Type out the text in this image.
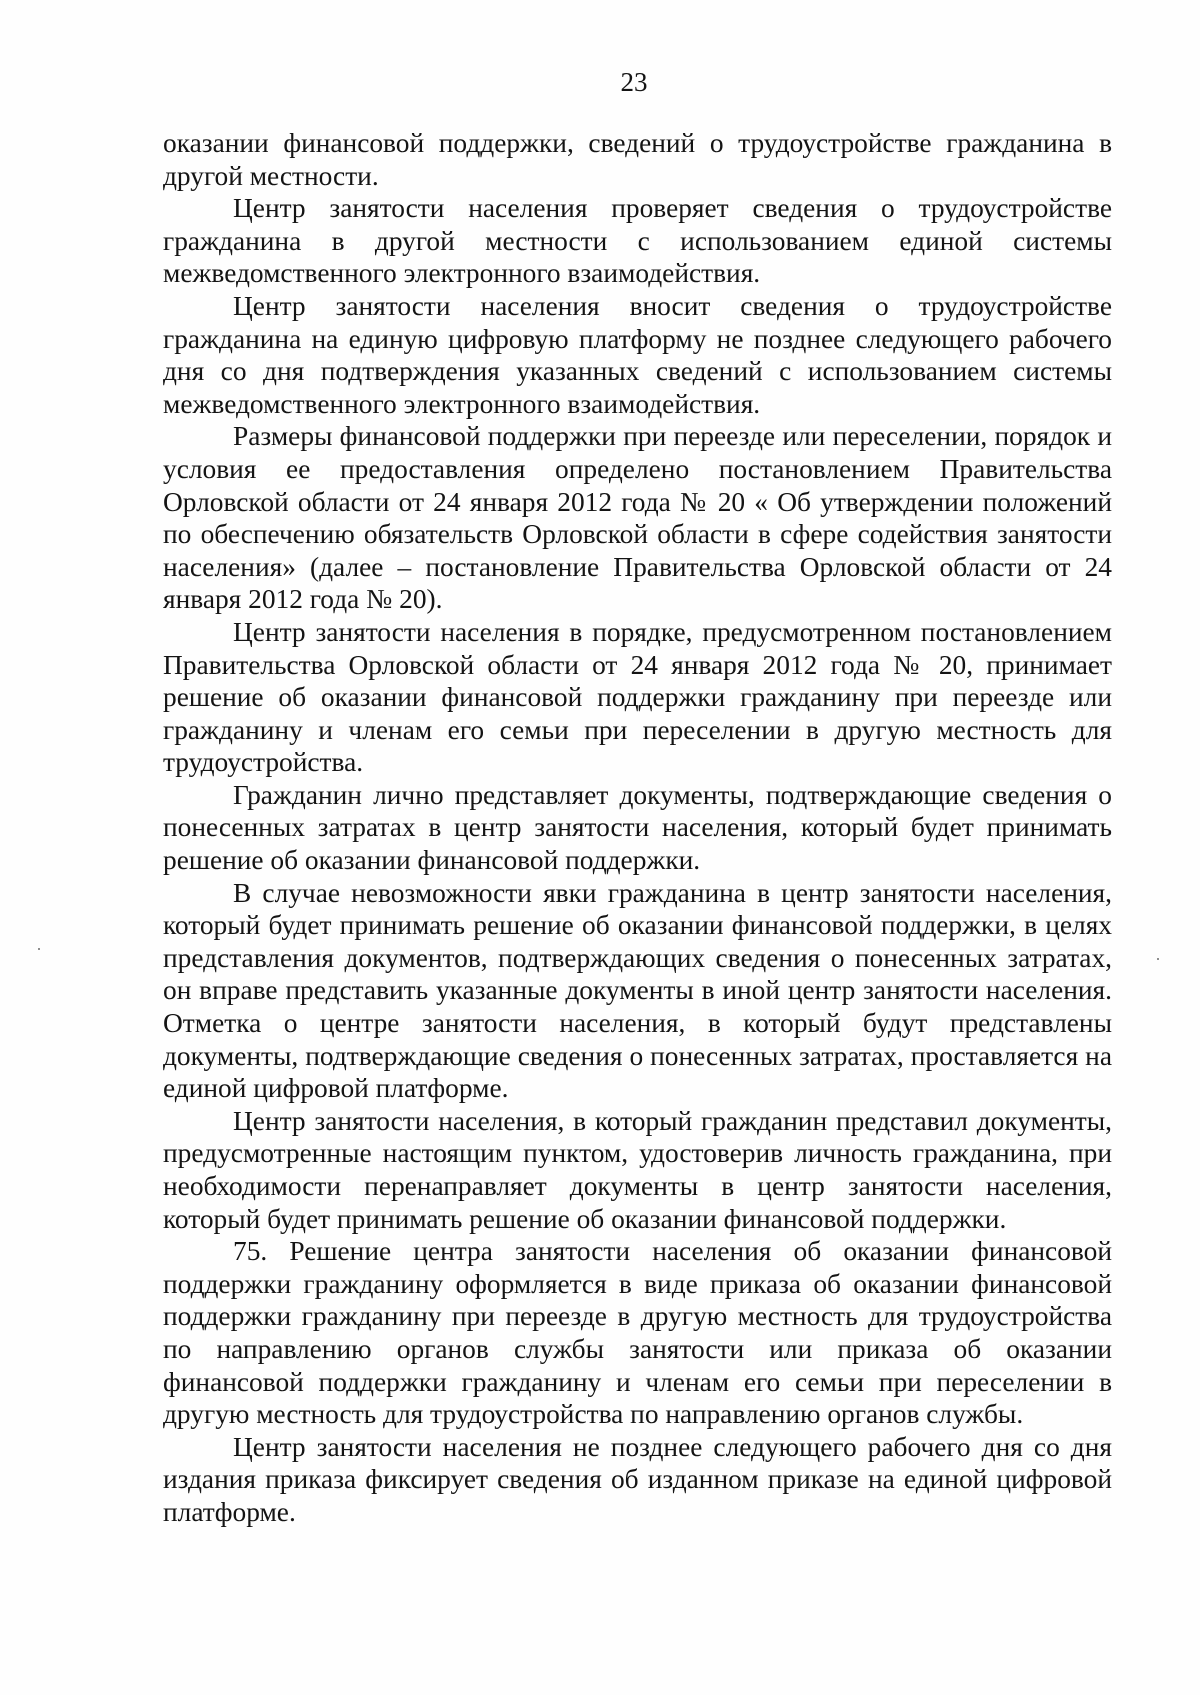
23

оказании финансовой поддержки, сведений о трудоустройстве гражданина в другой местности.

Центр занятости населения проверяет сведения о трудоустройстве гражданина в другой местности с использованием единой системы межведомственного электронного взаимодействия.

Центр занятости населения вносит сведения о трудоустройстве гражданина на единую цифровую платформу не позднее следующего рабочего дня со дня подтверждения указанных сведений с использованием системы межведомственного электронного взаимодействия.

Размеры финансовой поддержки при переезде или переселении, порядок и условия ее предоставления определено постановлением Правительства Орловской области от 24 января 2012 года № 20 « Об утверждении положений по обеспечению обязательств Орловской области в сфере содействия занятости населения» (далее – постановление Правительства Орловской области от 24 января 2012 года № 20).

Центр занятости населения в порядке, предусмотренном постановлением Правительства Орловской области от 24 января 2012 года № 20, принимает решение об оказании финансовой поддержки гражданину при переезде или гражданину и членам его семьи при переселении в другую местность для трудоустройства.

Гражданин лично представляет документы, подтверждающие сведения о понесенных затратах в центр занятости населения, который будет принимать решение об оказании финансовой поддержки.

В случае невозможности явки гражданина в центр занятости населения, который будет принимать решение об оказании финансовой поддержки, в целях представления документов, подтверждающих сведения о понесенных затратах, он вправе представить указанные документы в иной центр занятости населения. Отметка о центре занятости населения, в который будут представлены документы, подтверждающие сведения о понесенных затратах, проставляется на единой цифровой платформе.

Центр занятости населения, в который гражданин представил документы, предусмотренные настоящим пунктом, удостоверив личность гражданина, при необходимости перенаправляет документы в центр занятости населения, который будет принимать решение об оказании финансовой поддержки.

75. Решение центра занятости населения об оказании финансовой поддержки гражданину оформляется в виде приказа об оказании финансовой поддержки гражданину при переезде в другую местность для трудоустройства по направлению органов службы занятости или приказа об оказании финансовой поддержки гражданину и членам его семьи при переселении в другую местность для трудоустройства по направлению органов службы.

Центр занятости населения не позднее следующего рабочего дня со дня издания приказа фиксирует сведения об изданном приказе на единой цифровой платформе.
